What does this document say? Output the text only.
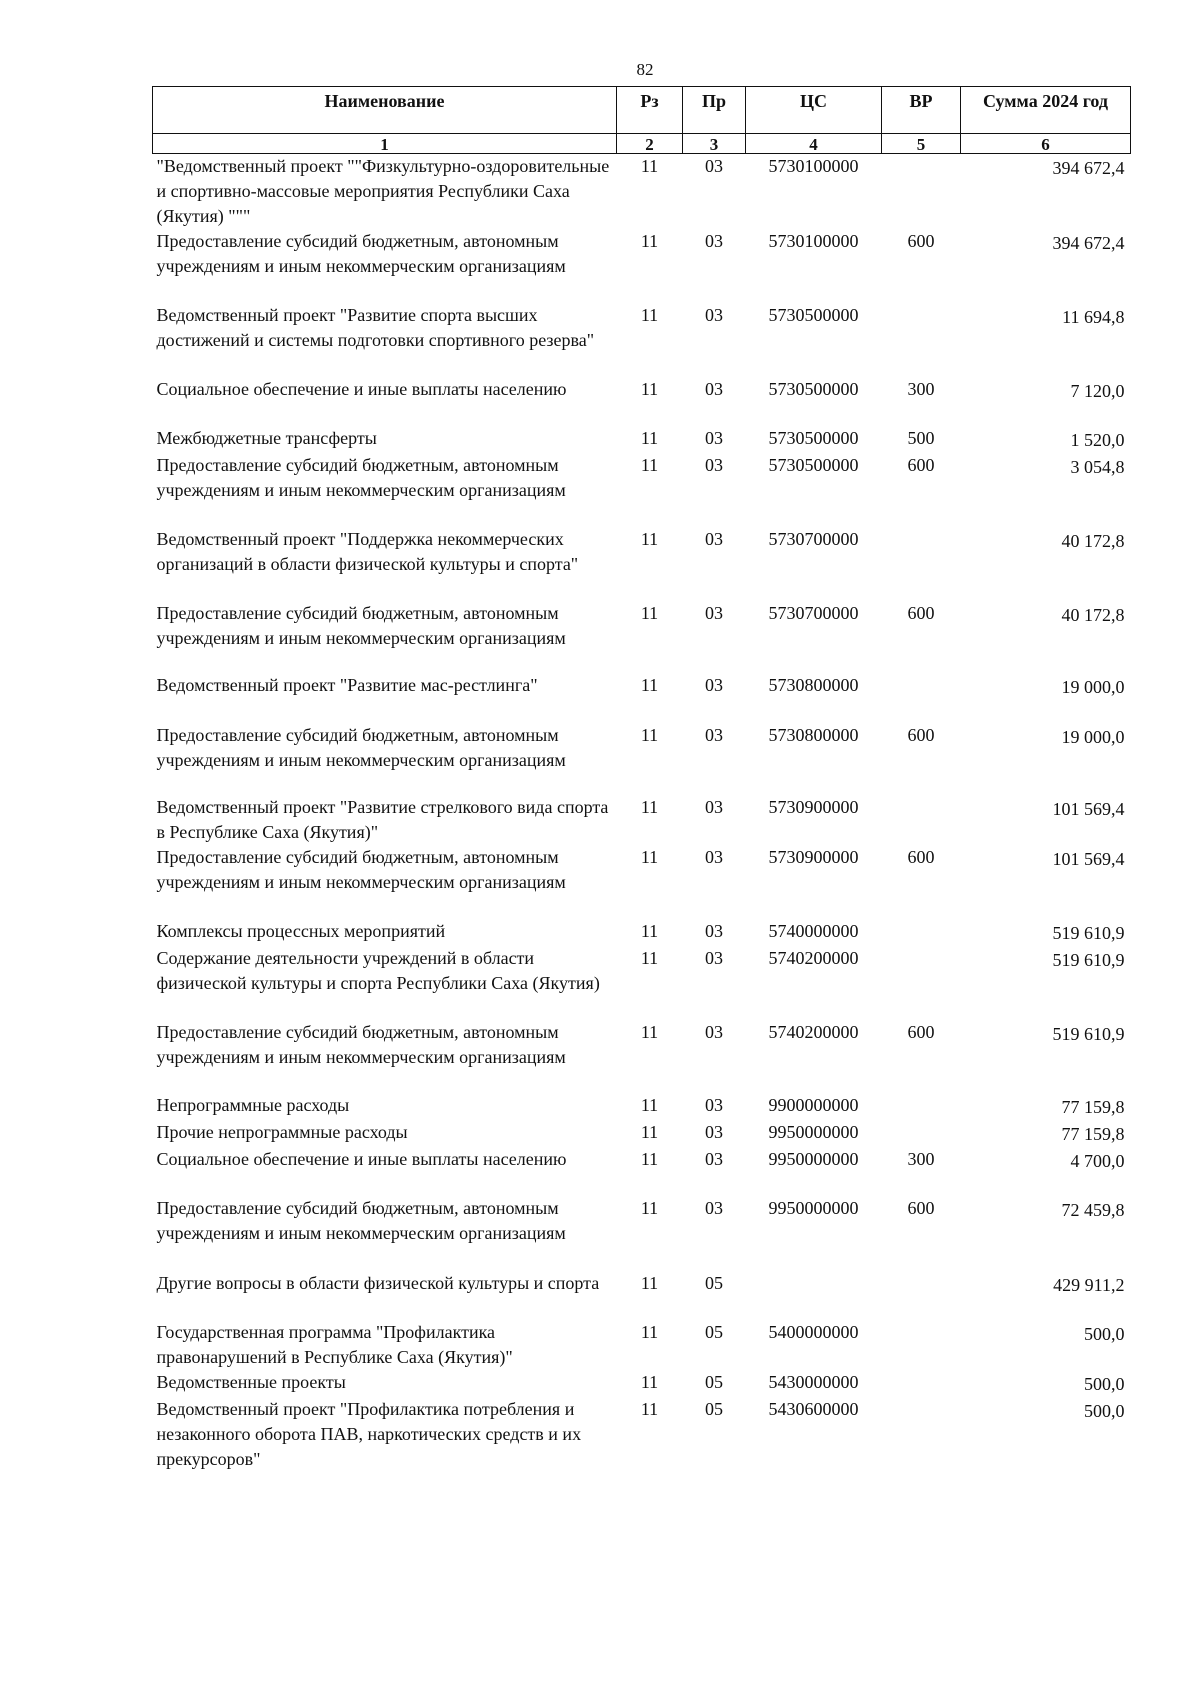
82
Наименование	Рз	Пр	ЦС	ВР	Сумма 2024 год
1	2	3	4	5	6
"Ведомственный проект ""Физкультурно-оздоровительные и спортивно-массовые мероприятия Республики Саха (Якутия) """	11	03	5730100000		394 672,4
Предоставление субсидий бюджетным, автономным учреждениям и иным некоммерческим организациям	11	03	5730100000	600	394 672,4
Ведомственный проект "Развитие спорта высших достижений и системы подготовки спортивного резерва"	11	03	5730500000		11 694,8
Социальное обеспечение и иные выплаты населению	11	03	5730500000	300	7 120,0
Межбюджетные трансферты	11	03	5730500000	500	1 520,0
Предоставление субсидий бюджетным, автономным учреждениям и иным некоммерческим организациям	11	03	5730500000	600	3 054,8
Ведомственный проект "Поддержка некоммерческих организаций в области физической культуры и спорта"	11	03	5730700000		40 172,8
Предоставление субсидий бюджетным, автономным учреждениям и иным некоммерческим организациям	11	03	5730700000	600	40 172,8
Ведомственный проект "Развитие мас-рестлинга"	11	03	5730800000		19 000,0
Предоставление субсидий бюджетным, автономным учреждениям и иным некоммерческим организациям	11	03	5730800000	600	19 000,0
Ведомственный проект "Развитие стрелкового вида спорта в Республике Саха (Якутия)"	11	03	5730900000		101 569,4
Предоставление субсидий бюджетным, автономным учреждениям и иным некоммерческим организациям	11	03	5730900000	600	101 569,4
Комплексы процессных мероприятий	11	03	5740000000		519 610,9
Содержание деятельности учреждений в области физической культуры и спорта Республики Саха (Якутия)	11	03	5740200000		519 610,9
Предоставление субсидий бюджетным, автономным учреждениям и иным некоммерческим организациям	11	03	5740200000	600	519 610,9
Непрограммные расходы	11	03	9900000000		77 159,8
Прочие непрограммные расходы	11	03	9950000000		77 159,8
Социальное обеспечение и иные выплаты населению	11	03	9950000000	300	4 700,0
Предоставление субсидий бюджетным, автономным учреждениям и иным некоммерческим организациям	11	03	9950000000	600	72 459,8
Другие вопросы в области физической культуры и спорта	11	05			429 911,2
Государственная программа "Профилактика правонарушений в Республике Саха (Якутия)"	11	05	5400000000		500,0
Ведомственные проекты	11	05	5430000000		500,0
Ведомственный проект "Профилактика потребления и незаконного оборота ПАВ, наркотических средств и их прекурсоров"	11	05	5430600000		500,0
